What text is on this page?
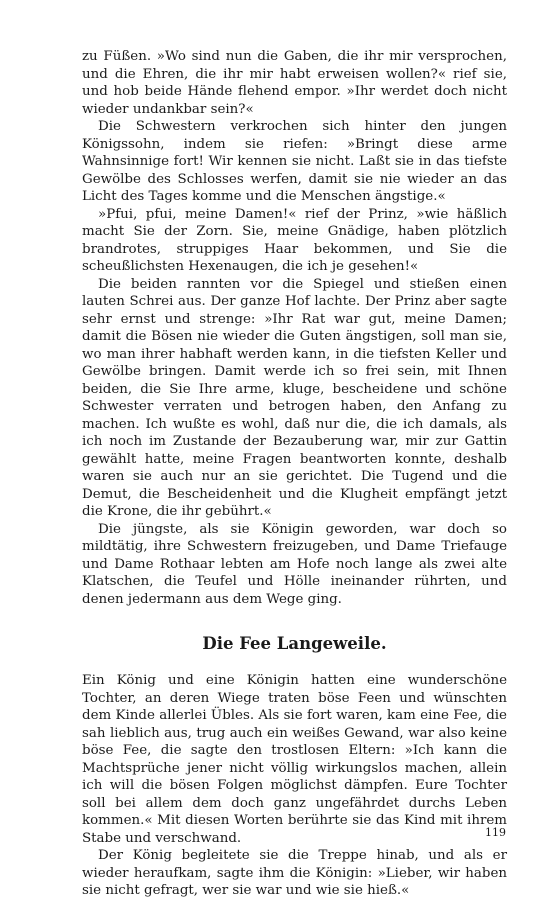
zu Füßen. »Wo sind nun die Gaben, die ihr mir versprochen, und die Ehren, die ihr mir habt erweisen wollen?« rief sie, und hob beide Hände flehend empor. »Ihr werdet doch nicht wieder undankbar sein?«

Die Schwestern verkrochen sich hinter den jungen Königssohn, indem sie riefen: »Bringt diese arme Wahnsinnige fort! Wir kennen sie nicht. Laßt sie in das tiefste Gewölbe des Schlosses werfen, damit sie nie wieder an das Licht des Tages komme und die Menschen ängstige.«

»Pfui, pfui, meine Damen!« rief der Prinz, »wie häßlich macht Sie der Zorn. Sie, meine Gnädige, haben plötzlich brandrotes, struppiges Haar bekommen, und Sie die scheußlichsten Hexenaugen, die ich je gesehen!«

Die beiden rannten vor die Spiegel und stießen einen lauten Schrei aus. Der ganze Hof lachte. Der Prinz aber sagte sehr ernst und strenge: »Ihr Rat war gut, meine Damen; damit die Bösen nie wieder die Guten ängstigen, soll man sie, wo man ihrer habhaft werden kann, in die tiefsten Keller und Gewölbe bringen. Damit werde ich so frei sein, mit Ihnen beiden, die Sie Ihre arme, kluge, bescheidene und schöne Schwester verraten und betrogen haben, den Anfang zu machen. Ich wußte es wohl, daß nur die, die ich damals, als ich noch im Zustande der Bezauberung war, mir zur Gattin gewählt hatte, meine Fragen beantworten konnte, deshalb waren sie auch nur an sie gerichtet. Die Tugend und die Demut, die Bescheidenheit und die Klugheit empfängt jetzt die Krone, die ihr gebührt.«

Die jüngste, als sie Königin geworden, war doch so mildtätig, ihre Schwestern freizugeben, und Dame Triefauge und Dame Rothaar lebten am Hofe noch lange als zwei alte Klatschen, die Teufel und Hölle ineinander rührten, und denen jedermann aus dem Wege ging.

Die Fee Langeweile.

Ein König und eine Königin hatten eine wunderschöne Tochter, an deren Wiege traten böse Feen und wünschten dem Kinde allerlei Übles. Als sie fort waren, kam eine Fee, die sah lieblich aus, trug auch ein weißes Gewand, war also keine böse Fee, die sagte den trostlosen Eltern: »Ich kann die Machtsprüche jener nicht völlig wirkungslos machen, allein ich will die bösen Folgen möglichst dämpfen. Eure Tochter soll bei allem dem doch ganz ungefährdet durchs Leben kommen.« Mit diesen Worten berührte sie das Kind mit ihrem Stabe und verschwand.

Der König begleitete sie die Treppe hinab, und als er wieder heraufkam, sagte ihm die Königin: »Lieber, wir haben sie nicht gefragt, wer sie war und wie sie hieß.«

119
